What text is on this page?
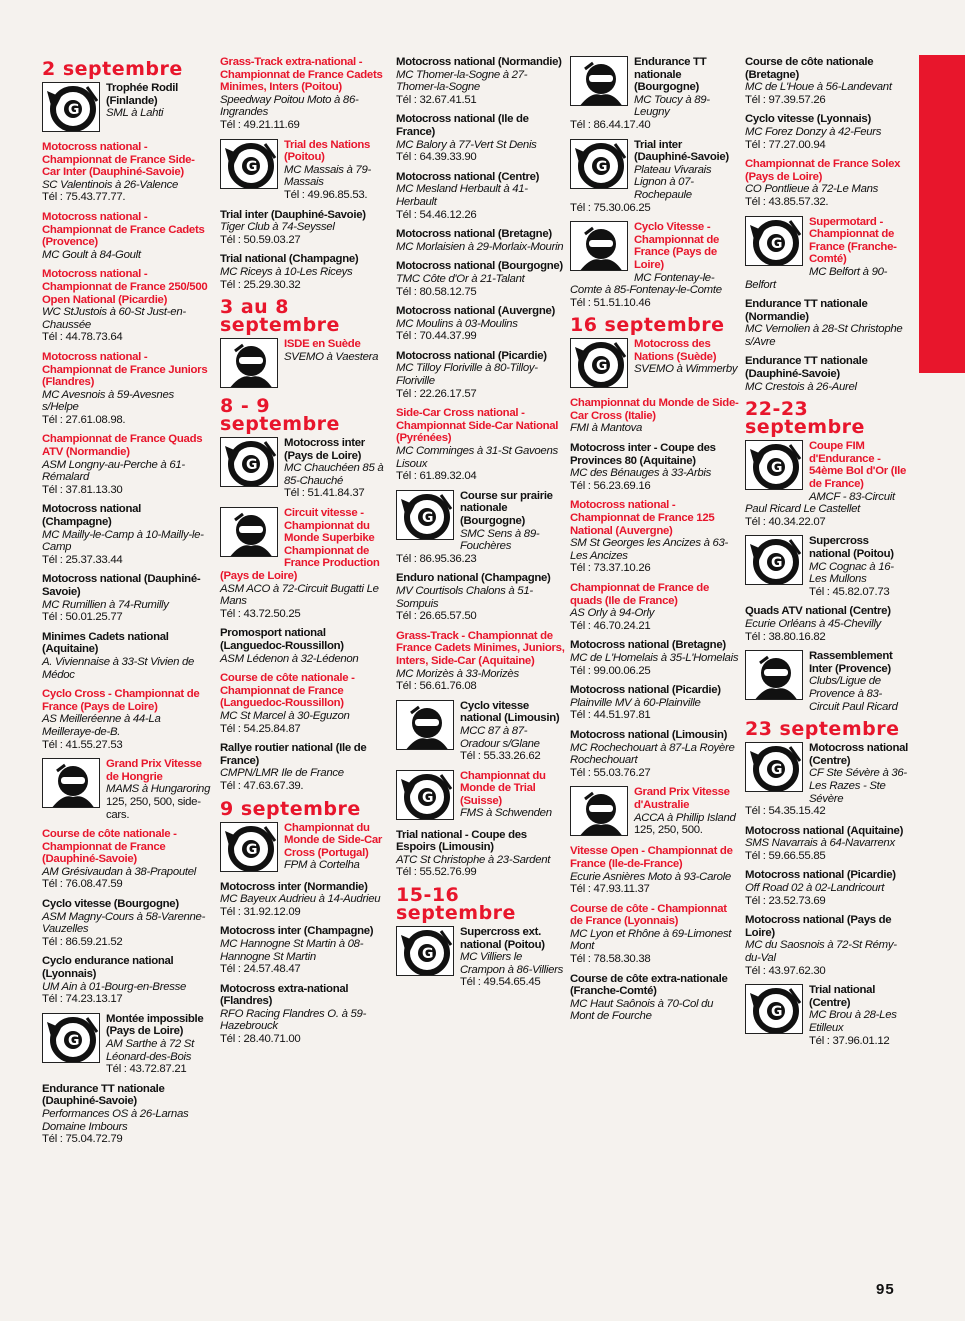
2 septembre
G
Trophée Rodil (Finlande)
SML à Lahti
Motocross national - Championnat de France Side-Car Inter (Dauphiné-Savoie)
SC Valentinois à 26-Valence
Tél : 75.43.77.77.
Motocross national - Championnat de France Cadets (Provence)
MC Goult à 84-Goult
Motocross national - Championnat de France 250/500 Open National (Picardie)
WC StJustois à 60-St Just-en-Chaussée
Tél : 44.78.73.64
Motocross national - Championnat de France Juniors (Flandres)
MC Avesnois à 59-Avesnes s/Helpe
Tél : 27.61.08.98.
Championnat de France Quads ATV (Normandie)
ASM Longny-au-Perche à 61-Rémalard
Tél : 37.81.13.30
Motocross national (Champagne)
MC Mailly-le-Camp à 10-Mailly-le-Camp
Tél : 25.37.33.44
Motocross national (Dauphiné-Savoie)
MC Rumillien à 74-Rumilly
Tél : 50.01.25.77
Minimes Cadets national (Aquitaine)
A. Viviennaise à 33-St Vivien de Médoc
Cyclo Cross - Championnat de France (Pays de Loire)
AS Meilleréenne à 44-La Meilleraye-de-B.
Tél : 41.55.27.53
Grand Prix Vitesse de Hongrie
MAMS à Hungaroring
125, 250, 500, side-cars.
Course de côte nationale - Championnat de France (Dauphiné-Savoie)
AM Grésivaudan à 38-Prapoutel
Tél : 76.08.47.59
Cyclo vitesse (Bourgogne)
ASM Magny-Cours à 58-Varenne-Vauzelles
Tél : 86.59.21.52
Cyclo endurance national (Lyonnais)
UM Ain à 01-Bourg-en-Bresse
Tél : 74.23.13.17
G
Montée impossible (Pays de Loire)
AM Sarthe à 72 St Léonard-des-Bois
Tél : 43.72.87.21
Endurance TT nationale (Dauphiné-Savoie)
Performances OS à 26-Larnas Domaine Imbours
Tél : 75.04.72.79
Grass-Track extra-national - Championnat de France Cadets Minimes, Inters (Poitou)
Speedway Poitou Moto à 86-Ingrandes
Tél : 49.21.11.69
G
Trial des Nations (Poitou)
MC Massais à 79-Massais
Tél : 49.96.85.53.
Trial inter (Dauphiné-Savoie)
Tiger Club à 74-Seyssel
Tél : 50.59.03.27
Trial national (Champagne)
MC Riceys à 10-Les Riceys
Tél : 25.29.30.32
3 au 8 septembre
ISDE en Suède
SVEMO à Vaestera
8 - 9 septembre
G
Motocross inter (Pays de Loire)
MC Chauchéen 85 à 85-Chauché
Tél : 51.41.84.37
Circuit vitesse - Championnat du Monde Superbike Championnat de France Production (Pays de Loire)
ASM ACO à 72-Circuit Bugatti Le Mans
Tél : 43.72.50.25
Promosport national (Languedoc-Roussillon)
ASM Lédenon à 32-Lédenon
Course de côte nationale - Championnat de France (Languedoc-Roussillon)
MC St Marcel à 30-Eguzon
Tél : 54.25.84.87
Rallye routier national (Ile de France)
CMPN/LMR Ile de France
Tél : 47.63.67.39.
9 septembre
G
Championnat du Monde de Side-Car Cross (Portugal)
FPM à Cortelha
Motocross inter (Normandie)
MC Bayeux Audrieu à 14-Audrieu
Tél : 31.92.12.09
Motocross inter (Champagne)
MC Hannogne St Martin à 08-Hannogne St Martin
Tél : 24.57.48.47
Motocross extra-national (Flandres)
RFO Racing Flandres O. à 59-Hazebrouck
Tél : 28.40.71.00
Motocross national (Normandie)
MC Thomer-la-Sogne à 27-Thomer-la-Sogne
Tél : 32.67.41.51
Motocross national (Ile de France)
MC Balory à 77-Vert St Denis
Tél : 64.39.33.90
Motocross national (Centre)
MC Mesland Herbault à 41-Herbault
Tél : 54.46.12.26
Motocross national (Bretagne)
MC Morlaisien à 29-Morlaix-Mourin
Motocross national (Bourgogne)
TMC Côte d'Or à 21-Talant
Tél : 80.58.12.75
Motocross national (Auvergne)
MC Moulins à 03-Moulins
Tél : 70.44.37.99
Motocross national (Picardie)
MC Tilloy Floriville à 80-Tilloy-Floriville
Tél : 22.26.17.57
Side-Car Cross national - Championnat Side-Car National (Pyrénées)
MC Comminges à 31-St Gavoens Lisoux
Tél : 61.89.32.04
G
Course sur prairie nationale (Bourgogne)
SMC Sens à 89-Fouchères
Tél : 86.95.36.23
Enduro national (Champagne)
MV Courtisols Chalons à 51-Sompuis
Tél : 26.65.57.50
Grass-Track - Championnat de France Cadets Minimes, Juniors, Inters, Side-Car (Aquitaine)
MC Morizès à 33-Morizès
Tél : 56.61.76.08
Cyclo vitesse national (Limousin)
MCC 87 à 87-Oradour s/Glane
Tél : 55.33.26.62
G
Championnat du Monde de Trial (Suisse)
FMS à Schwenden
Trial national - Coupe des Espoirs (Limousin)
ATC St Christophe à 23-Sardent
Tél : 55.52.76.99
15-16 septembre
G
Supercross ext. national (Poitou)
MC Villiers le Crampon à 86-Villiers
Tél : 49.54.65.45
Endurance TT nationale (Bourgogne)
MC Toucy à 89-Leugny
Tél : 86.44.17.40
G
Trial inter (Dauphiné-Savoie)
Plateau Vivarais Lignon à 07-Rochepaule
Tél : 75.30.06.25
Cyclo Vitesse - Championnat de France (Pays de Loire)
MC Fontenay-le-Comte à 85-Fontenay-le-Comte
Tél : 51.51.10.46
16 septembre
G
Motocross des Nations (Suède)
SVEMO à Wimmerby
Championnat du Monde de Side-Car Cross (Italie)
FMI à Mantova
Motocross inter - Coupe des Provinces 80 (Aquitaine)
MC des Bénauges à 33-Arbis
Tél : 56.23.69.16
Motocross national - Championnat de France 125 National (Auvergne)
SM St Georges les Ancizes à 63-Les Ancizes
Tél : 73.37.10.26
Championnat de France de quads (Ile de France)
AS Orly à 94-Orly
Tél : 46.70.24.21
Motocross national (Bretagne)
MC de L'Homelais à 35-L'Homelais
Tél : 99.00.06.25
Motocross national (Picardie)
Plainville MV à 60-Plainville
Tél : 44.51.97.81
Motocross national (Limousin)
MC Rochechouart à 87-La Royère Rochechouart
Tél : 55.03.76.27
Grand Prix Vitesse d'Australie
ACCA à Phillip Island
125, 250, 500.
Vitesse Open - Championnat de France (Ile-de-France)
Ecurie Asnières Moto à 93-Carole
Tél : 47.93.11.37
Course de côte - Championnat de France (Lyonnais)
MC Lyon et Rhône à 69-Limonest Mont
Tél : 78.58.30.38
Course de côte extra-nationale (Franche-Comté)
MC Haut Saônois à 70-Col du Mont de Fourche
Course de côte nationale (Bretagne)
MC de L'Houe à 56-Landevant
Tél : 97.39.57.26
Cyclo vitesse (Lyonnais)
MC Forez Donzy à 42-Feurs
Tél : 77.27.00.94
Championnat de France Solex (Pays de Loire)
CO Pontlieue à 72-Le Mans
Tél : 43.85.57.32.
G
Supermotard - Championnat de France (Franche-Comté)
MC Belfort à 90-Belfort
Endurance TT nationale (Normandie)
MC Vernolien à 28-St Christophe s/Avre
Endurance TT nationale (Dauphiné-Savoie)
MC Crestois à 26-Aurel
22-23 septembre
G
Coupe FIM d'Endurance - 54ème Bol d'Or (Ile de France)
AMCF - 83-Circuit Paul Ricard Le Castellet
Tél : 40.34.22.07
G
Supercross national (Poitou)
MC Cognac à 16-Les Mullons
Tél : 45.82.07.73
Quads ATV national (Centre)
Ecurie Orléans à 45-Chevilly
Tél : 38.80.16.82
Rassemblement Inter (Provence)
Clubs/Ligue de Provence à 83-Circuit Paul Ricard
23 septembre
G
Motocross national (Centre)
CF Ste Sévère à 36-Les Razes - Ste Sévère
Tél : 54.35.15.42
Motocross national (Aquitaine)
SMS Navarrais à 64-Navarrenx
Tél : 59.66.55.85
Motocross national (Picardie)
Off Road 02 à 02-Landricourt
Tél : 23.52.73.69
Motocross national (Pays de Loire)
MC du Saosnois à 72-St Rémy-du-Val
Tél : 43.97.62.30
G
Trial national (Centre)
MC Brou à 28-Les Etilleux
Tél : 37.96.01.12
95
